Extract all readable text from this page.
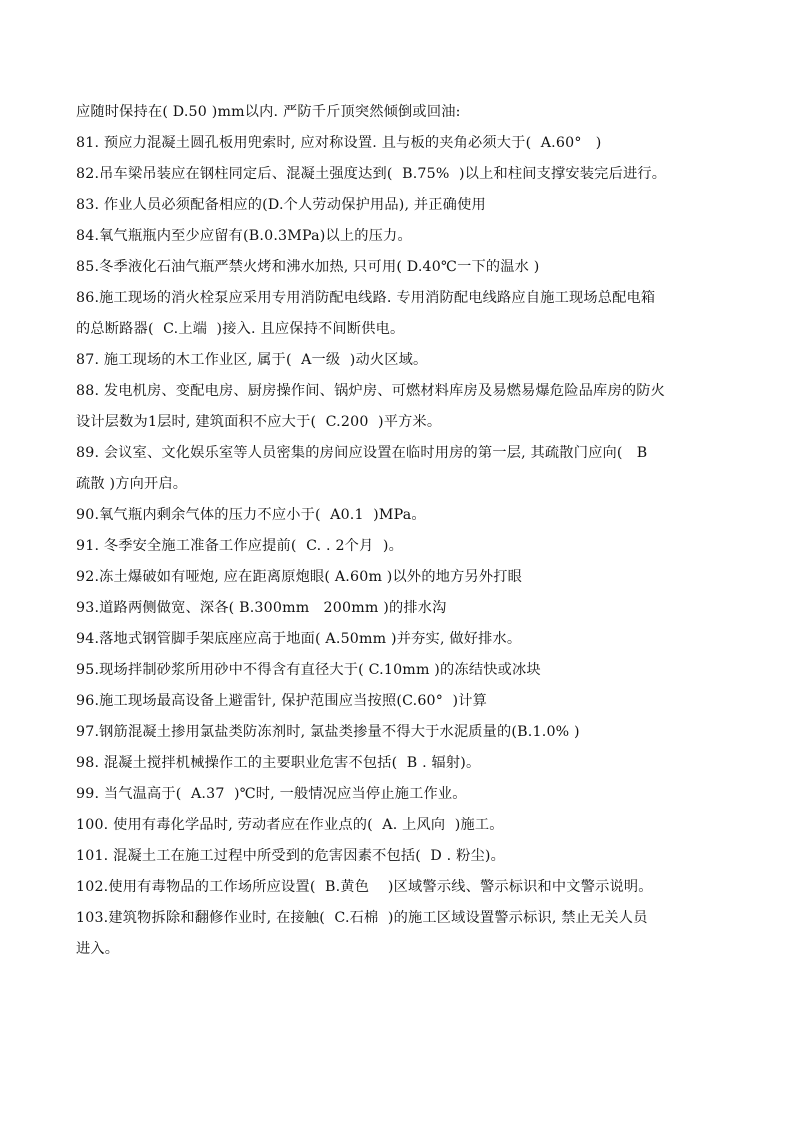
应随时保持在( D.50 )mm以内. 严防千斤顶突然倾倒或回油:
81. 预应力混凝土圆孔板用兜索时, 应对称设置. 且与板的夹角必须大于(  A.60°   )
82.吊车梁吊装应在钢柱同定后、混凝土强度达到(  B.75%  )以上和柱间支撑安装完后进行。
83. 作业人员必须配备相应的(D.个人劳动保护用品), 并正确使用
84.氧气瓶瓶内至少应留有(B.0.3MPa)以上的压力。
85.冬季液化石油气瓶严禁火烤和沸水加热, 只可用( D.40℃一下的温水 )
86.施工现场的消火栓泵应采用专用消防配电线路. 专用消防配电线路应自施工现场总配电箱
的总断路器(  C.上端  )接入. 且应保持不间断供电。
87. 施工现场的木工作业区, 属于(  A一级  )动火区域。
88. 发电机房、变配电房、厨房操作间、锅炉房、可燃材料库房及易燃易爆危险品库房的防火
设计层数为1层时, 建筑面积不应大于(  C.200  )平方米。
89. 会议室、文化娱乐室等人员密集的房间应设置在临时用房的第一层, 其疏散门应向(   B
疏散 )方向开启。
90.氧气瓶内剩余气体的压力不应小于(  A0.1  )MPa。
91. 冬季安全施工准备工作应提前(  C. . 2个月  )。
92.冻土爆破如有哑炮, 应在距离原炮眼( A.60m )以外的地方另外打眼
93.道路两侧做宽、深各( B.300mm   200mm )的排水沟
94.落地式钢管脚手架底座应高于地面( A.50mm )并夯实, 做好排水。
95.现场拌制砂浆所用砂中不得含有直径大于( C.10mm )的冻结快或冰块
96.施工现场最高设备上避雷针, 保护范围应当按照(C.60°  )计算
97.钢筋混凝土掺用氯盐类防冻剂时, 氯盐类掺量不得大于水泥质量的(B.1.0% )
98. 混凝土搅拌机械操作工的主要职业危害不包括(  B . 辐射)。
99. 当气温高于(  A.37  )℃时, 一般情况应当停止施工作业。
100. 使用有毒化学品时, 劳动者应在作业点的(  A. 上风向  )施工。
101. 混凝土工在施工过程中所受到的危害因素不包括(  D . 粉尘)。
102.使用有毒物品的工作场所应设置(  B.黄色    )区域警示线、警示标识和中文警示说明。
103.建筑物拆除和翻修作业时, 在接触(  C.石棉  )的施工区域设置警示标识, 禁止无关人员
进入。
